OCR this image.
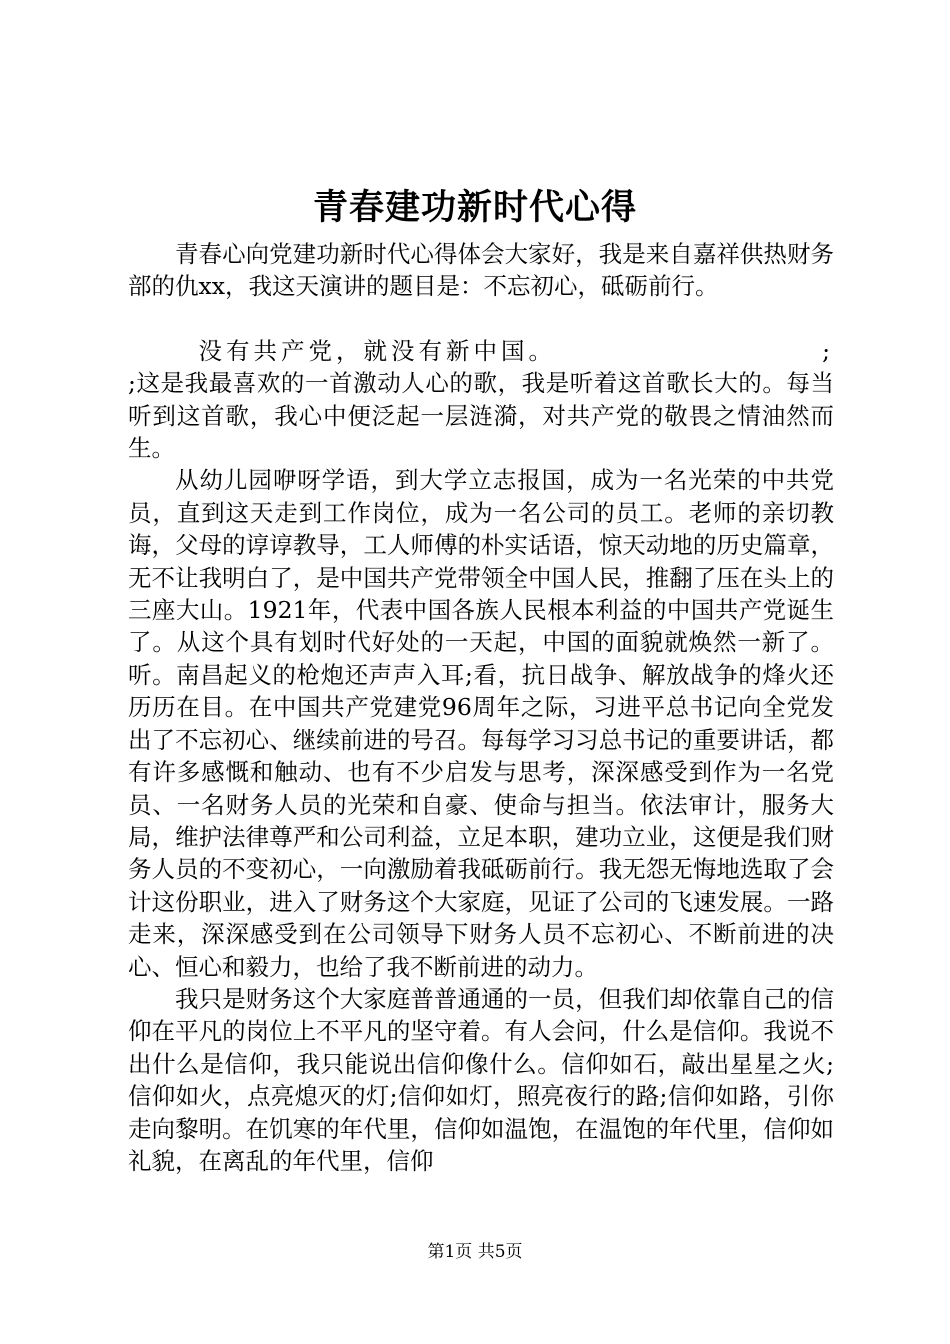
青春建功新时代心得

青春心向党建功新时代心得体会大家好，我是来自嘉祥供热财务部的仇xx，我这天演讲的题目是：不忘初心，砥砺前行。

没有共产党，就没有新中国。	;

;这是我最喜欢的一首激动人心的歌，我是听着这首歌长大的。每当听到这首歌，我心中便泛起一层涟漪，对共产党的敬畏之情油然而生。

从幼儿园咿呀学语，到大学立志报国，成为一名光荣的中共党员，直到这天走到工作岗位，成为一名公司的员工。老师的亲切教诲，父母的谆谆教导，工人师傅的朴实话语，惊天动地的历史篇章，无不让我明白了，是中国共产党带领全中国人民，推翻了压在头上的三座大山。1921年，代表中国各族人民根本利益的中国共产党诞生了。从这个具有划时代好处的一天起，中国的面貌就焕然一新了。听。南昌起义的枪炮还声声入耳;看，抗日战争、解放战争的烽火还历历在目。在中国共产党建党96周年之际，习进平总书记向全党发出了不忘初心、继续前进的号召。每每学习习总书记的重要讲话，都有许多感慨和触动、也有不少启发与思考，深深感受到作为一名党员、一名财务人员的光荣和自豪、使命与担当。依法审计，服务大局，维护法律尊严和公司利益，立足本职，建功立业，这便是我们财务人员的不变初心，一向激励着我砥砺前行。我无怨无悔地选取了会计这份职业，进入了财务这个大家庭，见证了公司的飞速发展。一路走来，深深感受到在公司领导下财务人员不忘初心、不断前进的决心、恒心和毅力，也给了我不断前进的动力。

我只是财务这个大家庭普普通通的一员，但我们却依靠自己的信仰在平凡的岗位上不平凡的坚守着。有人会问，什么是信仰。我说不出什么是信仰，我只能说出信仰像什么。信仰如石，敲出星星之火;信仰如火，点亮熄灭的灯;信仰如灯，照亮夜行的路;信仰如路，引你走向黎明。在饥寒的年代里，信仰如温饱，在温饱的年代里，信仰如礼貌，在离乱的年代里，信仰

第1页 共5页
